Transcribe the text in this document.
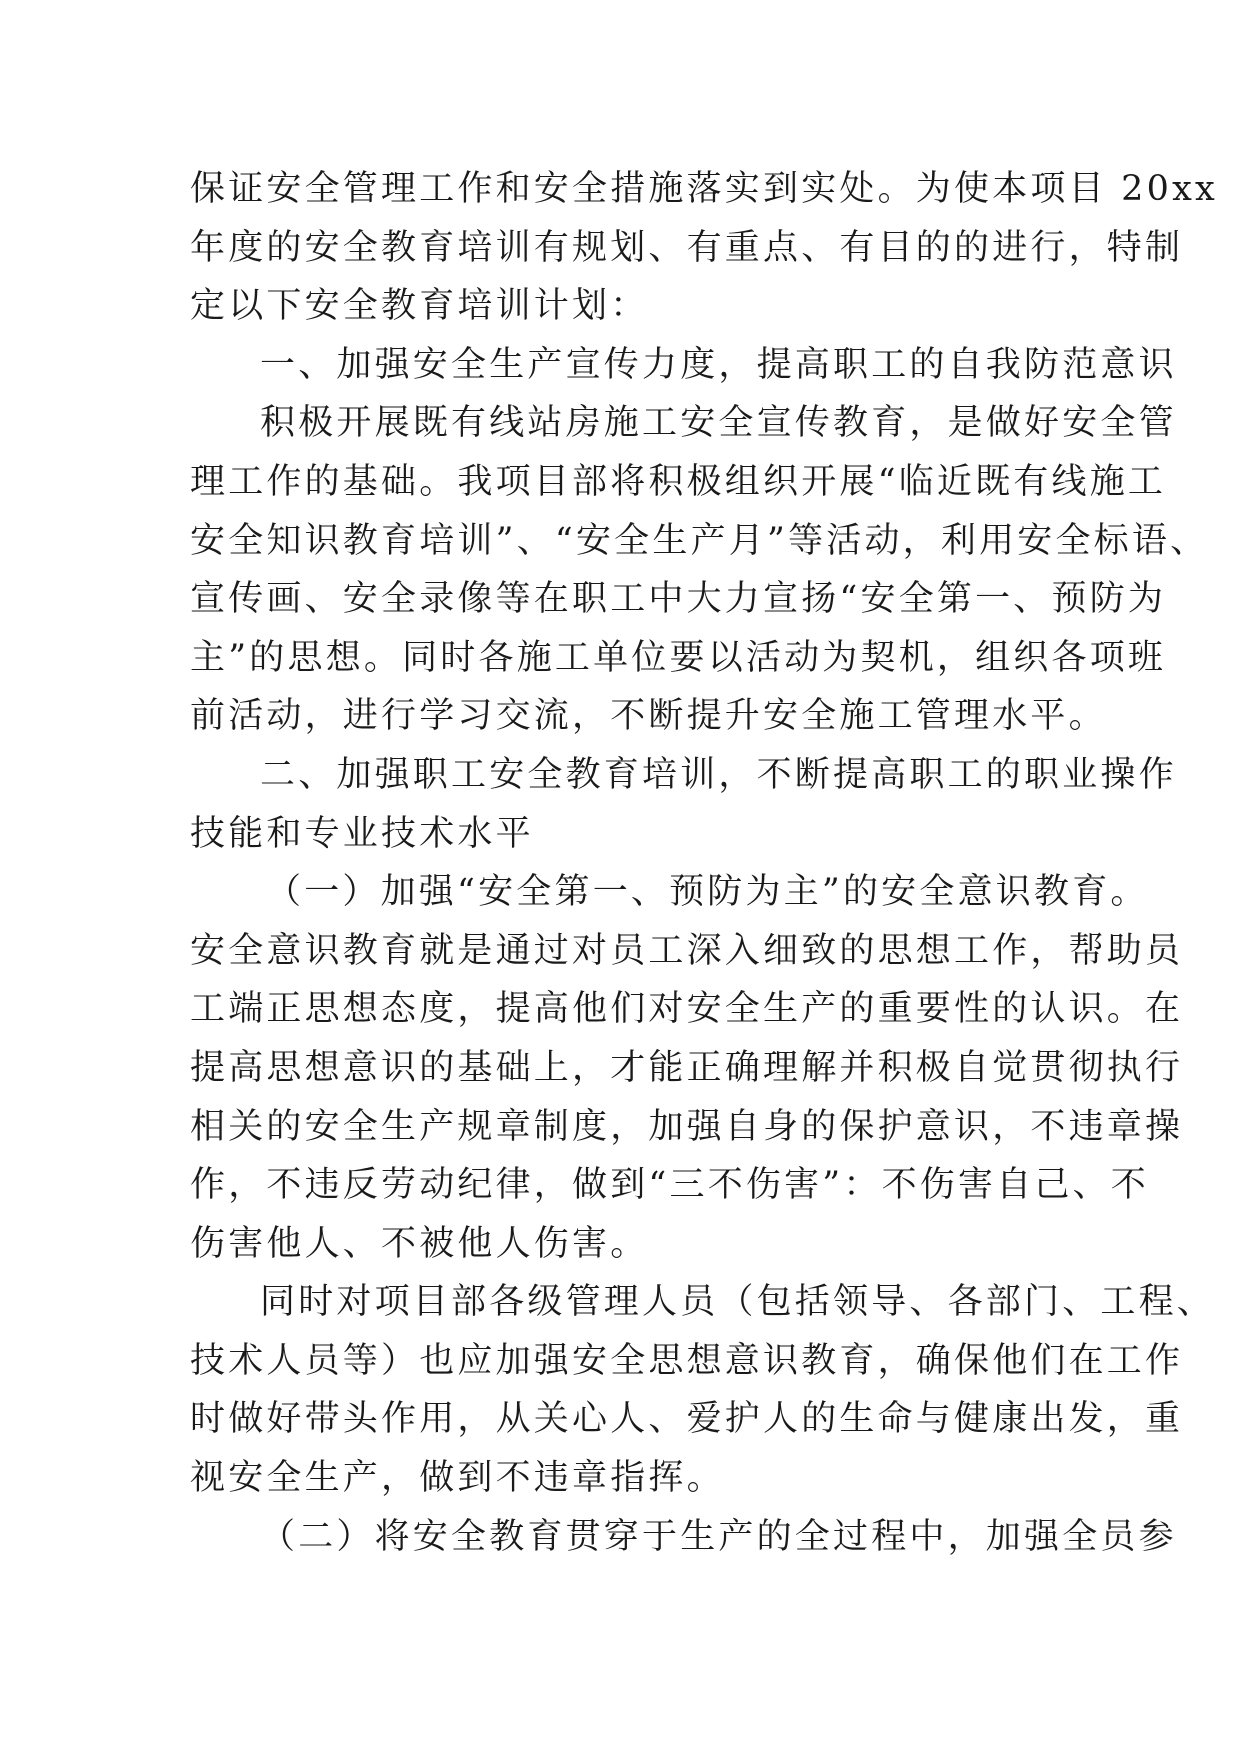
保证安全管理工作和安全措施落实到实处。为使本项目 20xx
年度的安全教育培训有规划、有重点、有目的的进行，特制
定以下安全教育培训计划：
一、加强安全生产宣传力度，提高职工的自我防范意识
积极开展既有线站房施工安全宣传教育，是做好安全管
理工作的基础。我项目部将积极组织开展“临近既有线施工
安全知识教育培训”、“安全生产月”等活动，利用安全标语、
宣传画、安全录像等在职工中大力宣扬“安全第一、预防为
主”的思想。同时各施工单位要以活动为契机，组织各项班
前活动，进行学习交流，不断提升安全施工管理水平。
二、加强职工安全教育培训，不断提高职工的职业操作
技能和专业技术水平
（一）加强“安全第一、预防为主”的安全意识教育。
安全意识教育就是通过对员工深入细致的思想工作，帮助员
工端正思想态度，提高他们对安全生产的重要性的认识。在
提高思想意识的基础上，才能正确理解并积极自觉贯彻执行
相关的安全生产规章制度，加强自身的保护意识，不违章操
作，不违反劳动纪律，做到“三不伤害”：不伤害自己、不
伤害他人、不被他人伤害。
同时对项目部各级管理人员（包括领导、各部门、工程、
技术人员等）也应加强安全思想意识教育，确保他们在工作
时做好带头作用，从关心人、爱护人的生命与健康出发，重
视安全生产，做到不违章指挥。
（二）将安全教育贯穿于生产的全过程中，加强全员参
